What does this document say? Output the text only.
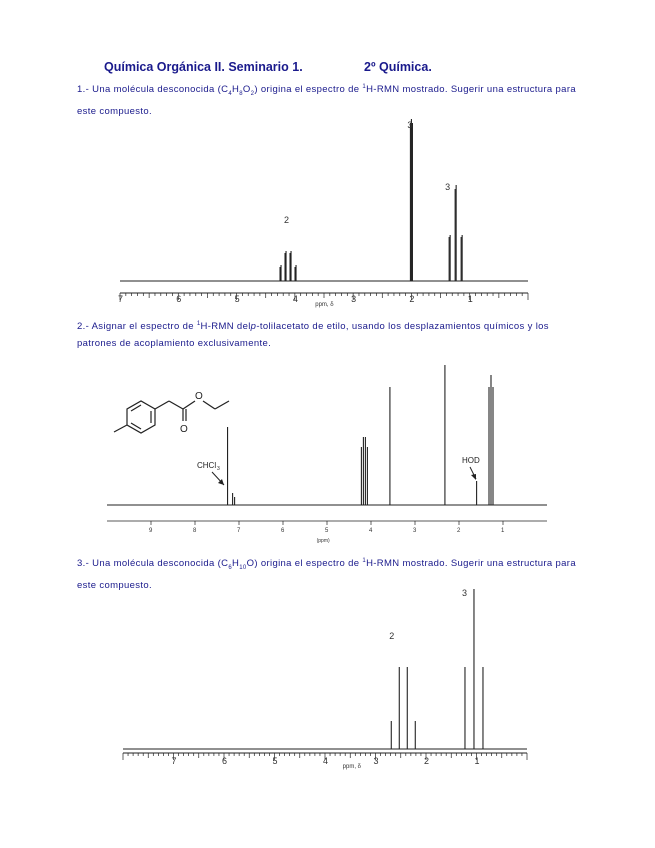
Química Orgánica II. Seminario 1.	2º Química.
1.- Una molécula desconocida $(C_4H_8O_2)$ origina el espectro de $^1$H-RMN mostrado. Sugerir una estructura para este compuesto.
7	6	5	4	3	2	1
ppm, δ
2
3
3
2.- Asignar el espectro de $^1$H-RMN delp-tolilacetato de etilo, usando los desplazamientos químicos y los patrones de acoplamiento exclusivamente.
O
O
9	8	7	6	5	4	3	2	1
(ppm)
CHCl 3
HOD
3.- Una molécula desconocida $(C_6H_{10}O)$ origina el espectro de $^1$H-RMN mostrado. Sugerir una estructura para este compuesto.
7	6	5	4	3	2	1
ppm, δ
2
3
